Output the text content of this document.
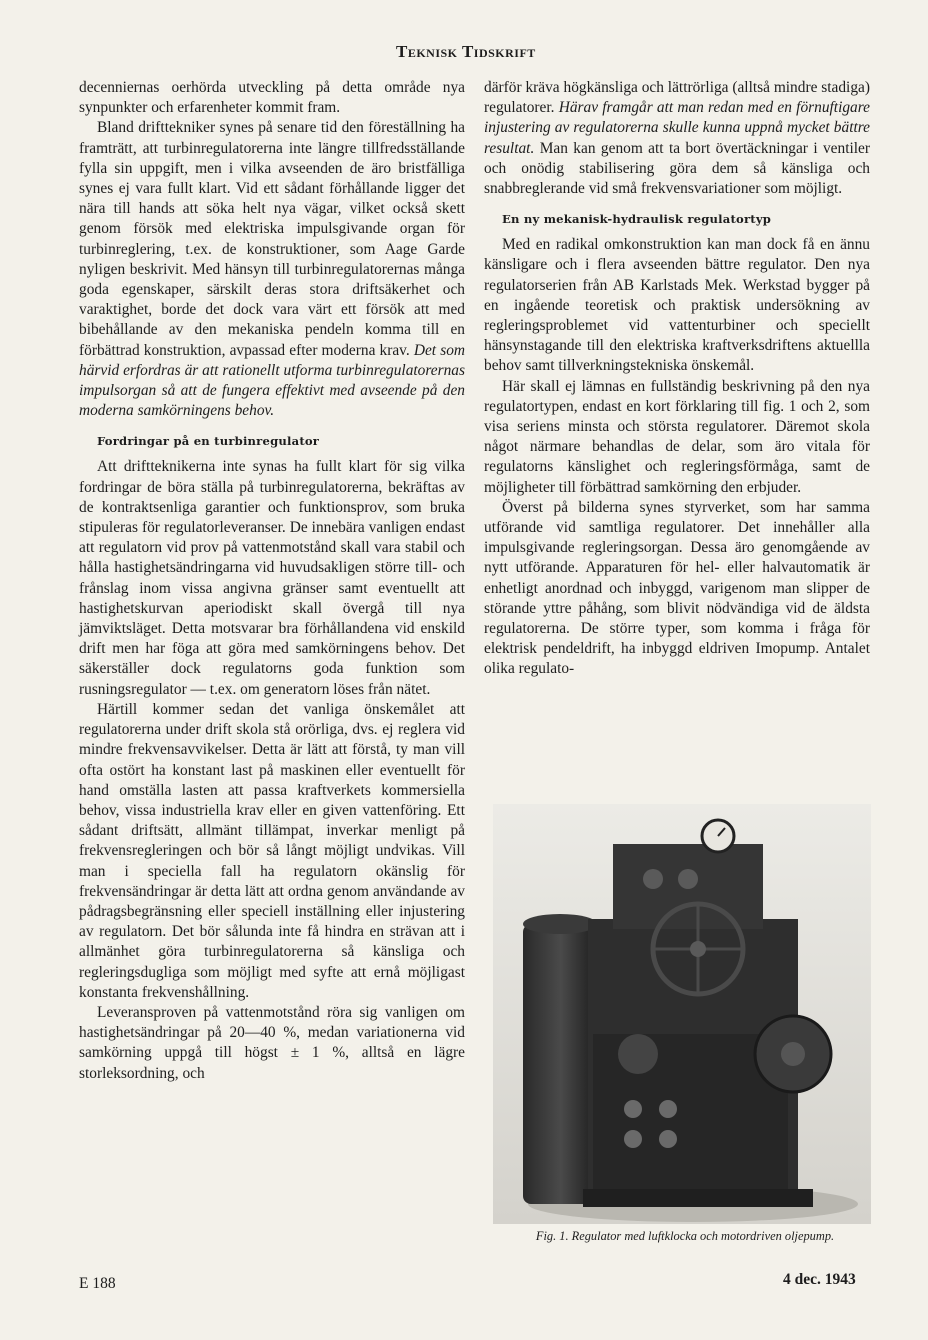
Teknisk Tidskrift

decenniernas oerhörda utveckling på detta område nya synpunkter och erfarenheter kommit fram.

Bland drifttekniker synes på senare tid den föreställning ha framträtt, att turbinregulatorerna inte längre tillfredsställande fylla sin uppgift, men i vilka avseenden de äro bristfälliga synes ej vara fullt klart. Vid ett sådant förhållande ligger det nära till hands att söka helt nya vägar, vilket också skett genom försök med elektriska impulsgivande organ för turbinreglering, t.ex. de konstruktioner, som Aage Garde nyligen beskrivit. Med hänsyn till turbinregulatorernas många goda egenskaper, särskilt deras stora driftsäkerhet och varaktighet, borde det dock vara värt ett försök att med bibehållande av den mekaniska pendeln komma till en förbättrad konstruktion, avpassad efter moderna krav. Det som härvid erfordras är att rationellt utforma turbinregulatorernas impulsorgan så att de fungera effektivt med avseende på den moderna samkörningens behov.

Fordringar på en turbinregulator

Att driftteknikerna inte synas ha fullt klart för sig vilka fordringar de böra ställa på turbinregulatorerna, bekräftas av de kontraktsenliga garantier och funktionsprov, som bruka stipuleras för regulatorleveranser. De innebära vanligen endast att regulatorn vid prov på vattenmotstånd skall vara stabil och hålla hastighetsändringarna vid huvudsakligen större till- och frånslag inom vissa angivna gränser samt eventuellt att hastighetskurvan aperiodiskt skall övergå till nya jämviktsläget. Detta motsvarar bra förhållandena vid enskild drift men har föga att göra med samkörningens behov. Det säkerställer dock regulatorns goda funktion som rusningsregulator — t.ex. om generatorn löses från nätet.

Härtill kommer sedan det vanliga önskemålet att regulatorerna under drift skola stå orörliga, dvs. ej reglera vid mindre frekvensavvikelser. Detta är lätt att förstå, ty man vill ofta ostört ha konstant last på maskinen eller eventuellt för hand omställa lasten att passa kraftverkets kommersiella behov, vissa industriella krav eller en given vattenföring. Ett sådant driftsätt, allmänt tillämpat, inverkar menligt på frekvensregleringen och bör så långt möjligt undvikas. Vill man i speciella fall ha regulatorn okänslig för frekvensändringar är detta lätt att ordna genom användande av pådragsbegränsning eller speciell inställning eller injustering av regulatorn. Det bör sålunda inte få hindra en strävan att i allmänhet göra turbinregulatorerna så känsliga och regleringsdugliga som möjligt med syfte att ernå möjligast konstanta frekvenshållning.

Leveransproven på vattenmotstånd röra sig vanligen om hastighetsändringar på 20—40 %, medan variationerna vid samkörning uppgå till högst ± 1 %, alltså en lägre storleksordning, och

därför kräva högkänsliga och lättrörliga (alltså mindre stadiga) regulatorer. Härav framgår att man redan med en förnuftigare injustering av regulatorerna skulle kunna uppnå mycket bättre resultat. Man kan genom att ta bort övertäckningar i ventiler och onödig stabilisering göra dem så känsliga och snabbreglerande vid små frekvensvariationer som möjligt.

En ny mekanisk-hydraulisk regulatortyp

Med en radikal omkonstruktion kan man dock få en ännu känsligare och i flera avseenden bättre regulator. Den nya regulatorserien från AB Karlstads Mek. Werkstad bygger på en ingående teoretisk och praktisk undersökning av regleringsproblemet vid vattenturbiner och speciellt hänsynstagande till den elektriska kraftverksdriftens aktuellla behov samt tillverkningstekniska önskemål.

Här skall ej lämnas en fullständig beskrivning på den nya regulatortypen, endast en kort förklaring till fig. 1 och 2, som visa seriens minsta och största regulatorer. Däremot skola något närmare behandlas de delar, som äro vitala för regulatorns känslighet och regleringsförmåga, samt de möjligheter till förbättrad samkörning den erbjuder.

Överst på bilderna synes styrverket, som har samma utförande vid samtliga regulatorer. Det innehåller alla impulsgivande regleringsorgan. Dessa äro genomgående av nytt utförande. Apparaturen för hel- eller halvautomatik är enhetligt anordnad och inbyggd, varigenom man slipper de störande yttre påhång, som blivit nödvändiga vid de äldsta regulatorerna. De större typer, som komma i fråga för elektrisk pendeldrift, ha inbyggd eldriven Imopump. Antalet olika regulato-

Fig. 1. Regulator med luftklocka och motordriven oljepump.
E 188	4 dec. 1943
